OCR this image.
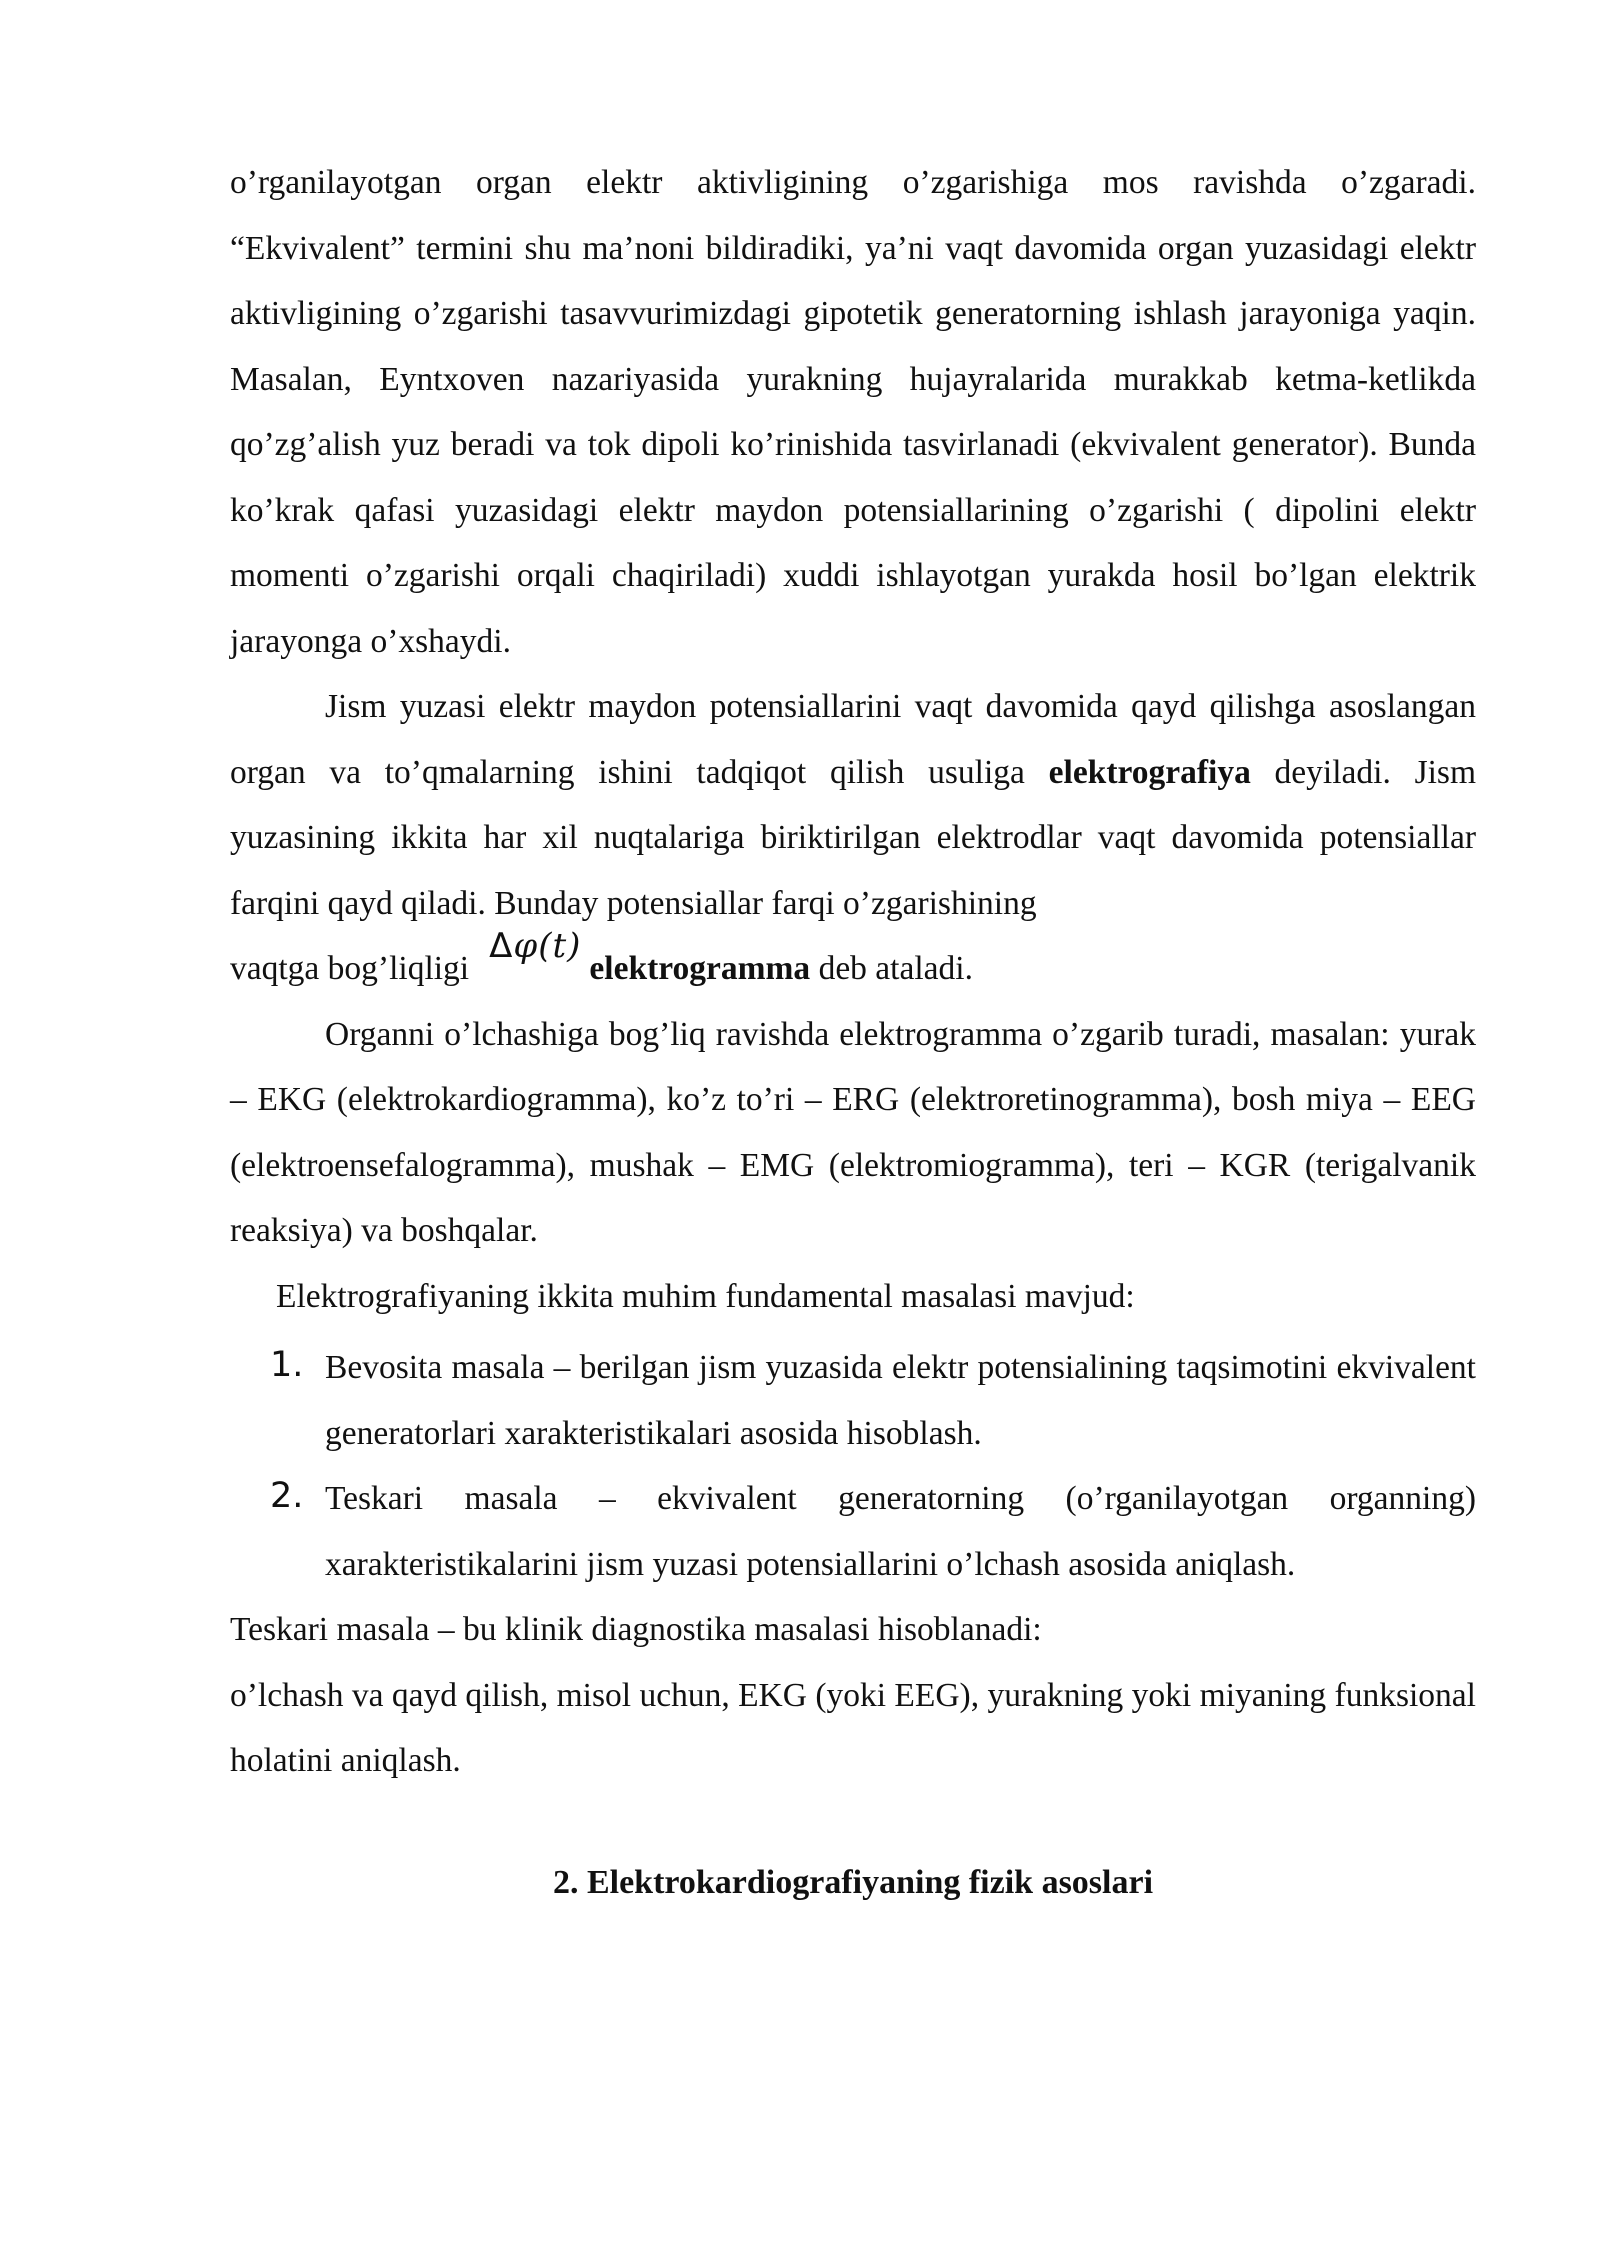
o’rganilayotgan organ elektr aktivligining o’zgarishiga mos ravishda o’zgaradi. “Ekvivalent” termini shu ma’noni bildiradiki, ya’ni vaqt davomida organ yuzasidagi elektr aktivligining o’zgarishi tasavvurimizdagi gipotetik generatorning ishlash jarayoniga yaqin. Masalan, Eyntxoven nazariyasida yurakning hujayralarida murakkab ketma-ketlikda qo’zg’alish yuz beradi va tok dipoli ko’rinishida tasvirlanadi (ekvivalent generator). Bunda ko’krak qafasi yuzasidagi elektr maydon potensiallarining o’zgarishi ( dipolini elektr momenti o’zgarishi orqali chaqiriladi) xuddi ishlayotgan yurakda hosil bo’lgan elektrik jarayonga o’xshaydi.

Jism yuzasi elektr maydon potensiallarini vaqt davomida qayd qilishga asoslangan organ va to’qmalarning ishini tadqiqot qilish usuliga elektrografiya deyiladi. Jism yuzasining ikkita har xil nuqtalariga biriktirilgan elektrodlar vaqt davomida potensiallar farqini qayd qiladi. Bunday potensiallar farqi o’zgarishining

vaqtga bog’liqligiΔφ(t)elektrogramma deb ataladi.

Organni o’lchashiga bog’liq ravishda elektrogramma o’zgarib turadi, masalan: yurak – EKG (elektrokardiogramma), ko’z to’ri – ERG (elektroretinogramma), bosh miya – EEG (elektroensefalogramma), mushak – EMG (elektromiogramma), teri – KGR (terigalvanik reaksiya) va boshqalar.

Elektrografiyaning ikkita muhim fundamental masalasi mavjud:

1. Bevosita masala – berilgan jism yuzasida elektr potensialining taqsimotini ekvivalent generatorlari xarakteristikalari asosida hisoblash.
2. Teskari masala – ekvivalent generatorning (o’rganilayotgan organning) xarakteristikalarini jism yuzasi potensiallarini o’lchash asosida aniqlash.

Teskari masala – bu klinik diagnostika masalasi hisoblanadi:

o’lchash va qayd qilish, misol uchun, EKG (yoki EEG), yurakning yoki miyaning funksional holatini aniqlash.

2. Elektrokardiografiyaning fizik asoslari
